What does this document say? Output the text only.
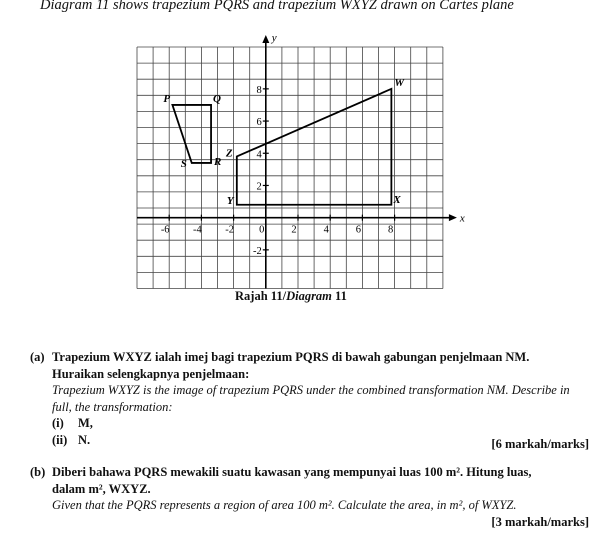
Diagram 11 shows trapezium PQRS and trapezium WXYZ drawn on Cartes plane
x
y
-6 -4 -2 0	2	4	6	8
8
6
4
2
-2
P	Q
R
S
W
X
Y
Z
Rajah 11/Diagram 11
(a) Trapezium WXYZ ialah imej bagi trapezium PQRS di bawah gabungan penjelmaan NM.
Huraikan selengkapnya penjelmaan:
Trapezium WXYZ is the image of trapezium PQRS under the combined transformation NM. Describe in
full, the transformation:
(i) M,
(ii) N.	[6 markah/marks]
(b) Diberi bahawa PQRS mewakili suatu kawasan yang mempunyai luas 100 m². Hitung luas,
dalam m², WXYZ.
Given that the PQRS represents a region of area 100 m². Calculate the area, in m², of WXYZ.
[3 markah/marks]
